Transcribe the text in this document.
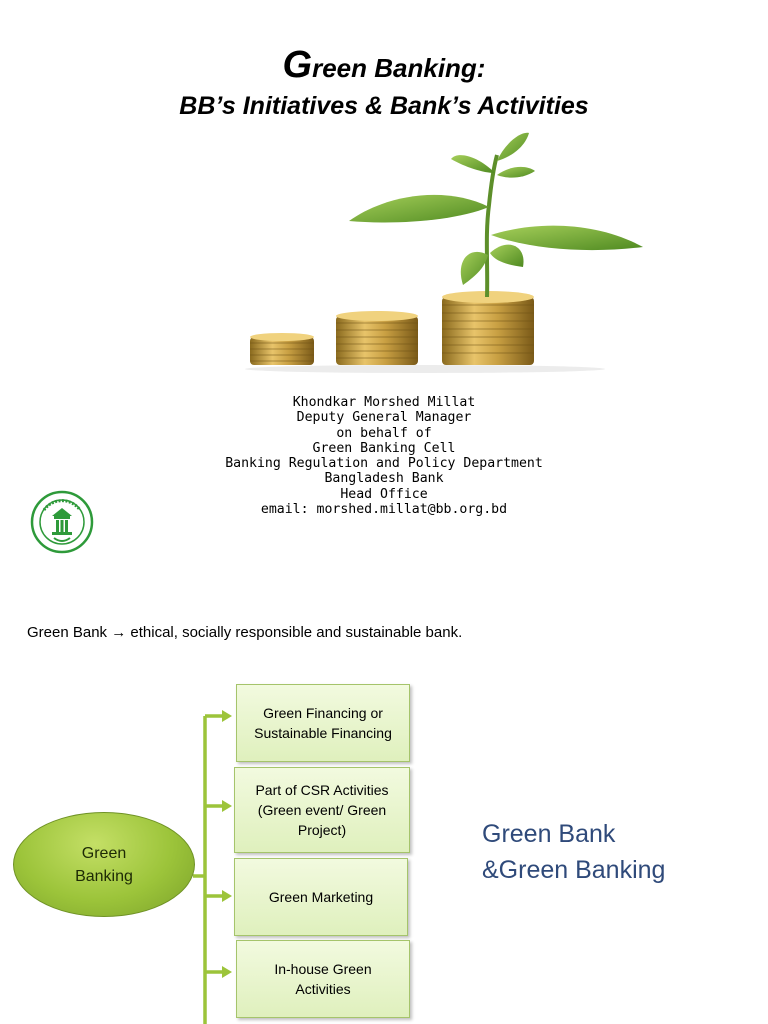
Green Banking:
BB’s Initiatives & Bank’s Activities
Khondkar Morshed Millat
Deputy General Manager
on behalf of
Green Banking Cell
Banking Regulation and Policy Department
Bangladesh Bank
Head Office
email: morshed.millat@bb.org.bd
Green Bank → ethical, socially responsible and sustainable bank.
Green Banking
Green Financing or Sustainable Financing
Part of CSR Activities (Green event/ Green Project)
Green Marketing
In-house Green Activities
Green Bank
&Green Banking
